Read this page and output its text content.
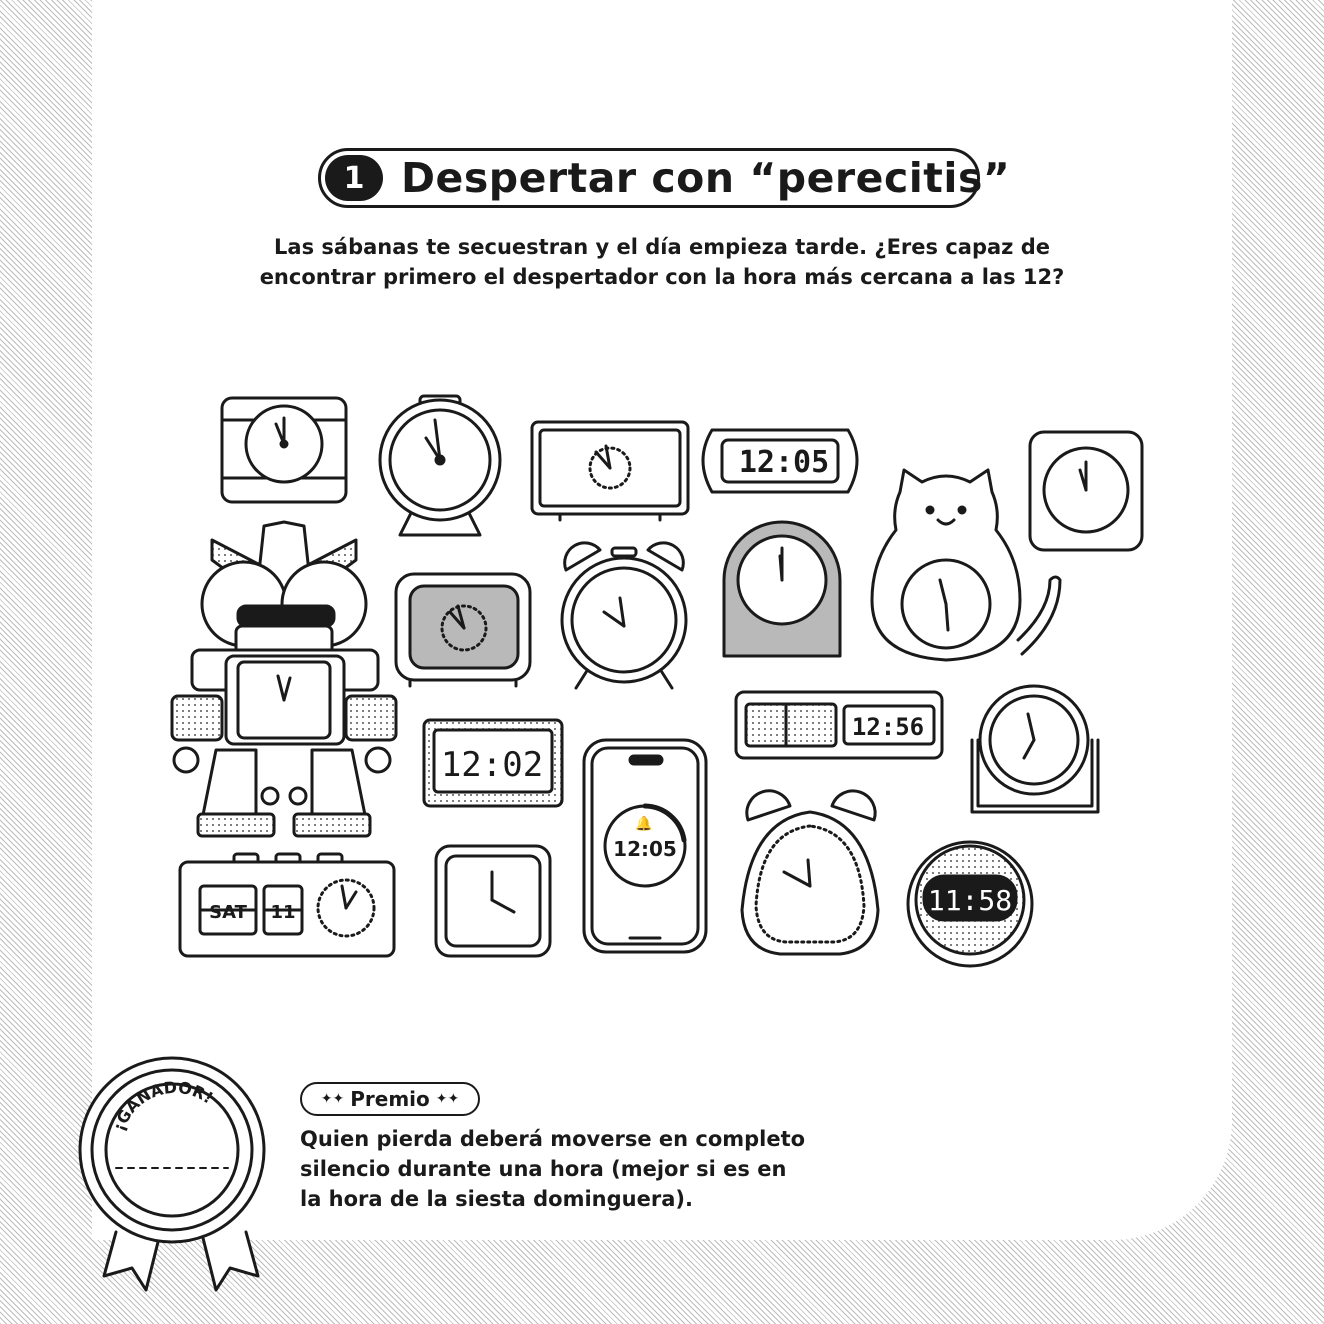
1 Despertar con “perecitis”
Las sábanas te secuestran y el día empieza tarde. ¿Eres capaz de
encontrar primero el despertador con la hora más cercana a las 12?
12:05
12:02
12:56
12:05
🔔
11:58
SAT 11
¡GANADOR!	✦✦ Premio ✦✦
Quien pierda deberá moverse en completo
silencio durante una hora (mejor si es en
la hora de la siesta dominguera).
